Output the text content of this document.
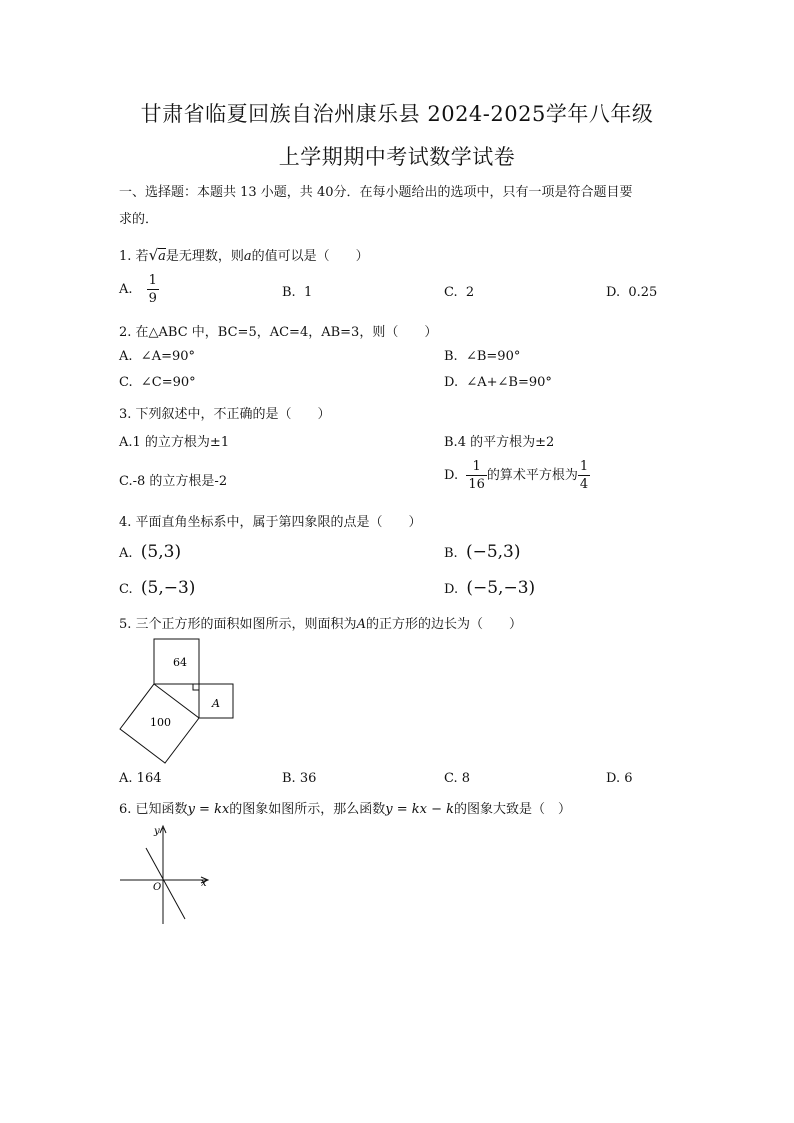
甘肃省临夏回族自治州康乐县 2024-2025学年八年级
上学期期中考试数学试卷
一、选择题：本题共 13 小题，共 40分．在每小题给出的选项中，只有一项是符合题目要
求的．
1. 若√a是无理数，则a的值可以是（　　）
A. $\frac{1}{9}$	B. 1	C. 2	D. 0.25
2. 在△ABC 中，BC=5，AC=4，AB=3，则（　　）
A. ∠A=90°	B. ∠B=90°
C. ∠C=90°	D. ∠A+∠B=90°
3. 下列叙述中，不正确的是（　　）
A.1 的立方根为±1	B.4 的平方根为±2
C.-8 的立方根是-2	D. $\frac{1}{16}$ 的算术平方根为 $\frac{1}{4}$
4. 平面直角坐标系中，属于第四象限的点是（　　）
A. (5,3)	B. (−5,3)
C. (5,−3)	D. (−5,−3)
5. 三个正方形的面积如图所示，则面积为A的正方形的边长为（　　）
64
100
A
A. 164	B. 36	C. 8	D. 6
6. 已知函数y = kx的图象如图所示，那么函数y = kx − k的图象大致是（　）
y
x
O
